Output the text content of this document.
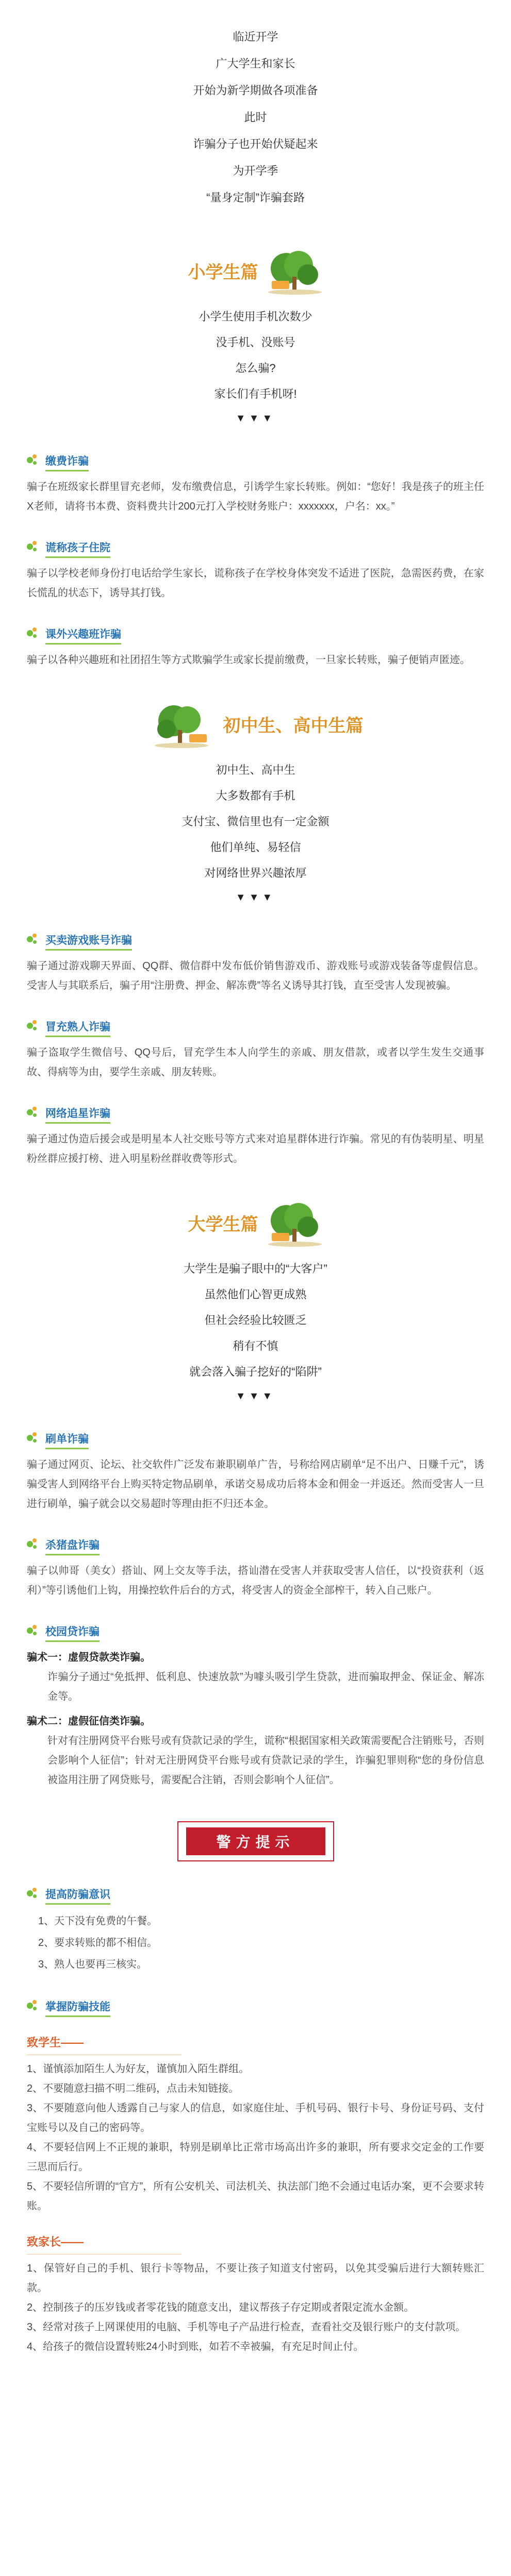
临近开学
广大学生和家长
开始为新学期做各项准备
此时
诈骗分子也开始伏疑起来
为开学季
“量身定制”诈骗套路
小学生篇
小学生使用手机次数少
没手机、没账号
怎么骗?
家长们有手机呀!
▼▼▼
缴费诈骗
骗子在班级家长群里冒充老师，发布缴费信息，引诱学生家长转账。例如：“您好！我是孩子的班主任X老师，请将书本费、资料费共计200元打入学校财务账户：xxxxxxx，户名：xx。”
谎称孩子住院
骗子以学校老师身份打电话给学生家长，谎称孩子在学校身体突发不适进了医院，急需医药费，在家长慌乱的状态下，诱导其打钱。
课外兴趣班诈骗
骗子以各种兴趣班和社团招生等方式欺骗学生或家长提前缴费，一旦家长转账，骗子便销声匿迹。
初中生、高中生篇
初中生、高中生
大多数都有手机
支付宝、微信里也有一定金额
他们单纯、易轻信
对网络世界兴趣浓厚
▼▼▼
买卖游戏账号诈骗
骗子通过游戏聊天界面、QQ群、微信群中发布低价销售游戏币、游戏账号或游戏装备等虚假信息。受害人与其联系后，骗子用“注册费、押金、解冻费”等名义诱导其打钱，直至受害人发现被骗。
冒充熟人诈骗
骗子盗取学生微信号、QQ号后，冒充学生本人向学生的亲戚、朋友借款，或者以学生发生交通事故、得病等为由，要学生亲戚、朋友转账。
网络追星诈骗
骗子通过伪造后援会或是明星本人社交账号等方式来对追星群体进行诈骗。常见的有伪装明星、明星粉丝群应援打榜、进入明星粉丝群收费等形式。
大学生篇
大学生是骗子眼中的“大客户”
虽然他们心智更成熟
但社会经验比较匮乏
稍有不慎
就会落入骗子挖好的“陷阱”
▼▼▼
刷单诈骗
骗子通过网页、论坛、社交软件广泛发布兼职刷单广告，号称给网店刷单“足不出户、日赚千元”，诱骗受害人到网络平台上购买特定物品刷单，承诺交易成功后将本金和佣金一并返还。然而受害人一旦进行刷单，骗子就会以交易超时等理由拒不归还本金。
杀猪盘诈骗
骗子以帅哥（美女）搭讪、网上交友等手法，搭讪潜在受害人并获取受害人信任，以“投资获利（返利）”等引诱他们上钩，用操控软件后台的方式，将受害人的资金全部榨干，转入自己账户。
校园贷诈骗
骗术一：虚假贷款类诈骗。
诈骗分子通过“免抵押、低利息、快速放款”为噱头吸引学生贷款，进而骗取押金、保证金、解冻金等。
骗术二：虚假征信类诈骗。
针对有注册网贷平台账号或有贷款记录的学生，谎称“根据国家相关政策需要配合注销账号，否则会影响个人征信”；针对无注册网贷平台账号或有贷款记录的学生，诈骗犯罪则称“您的身份信息被盗用注册了网贷账号，需要配合注销，否则会影响个人征信”。
警方提示
提高防骗意识
1、天下没有免费的午餐。
2、要求转账的都不相信。
3、熟人也要再三核实。
掌握防骗技能
致学生——
1、谨慎添加陌生人为好友，谨慎加入陌生群组。
2、不要随意扫描不明二维码，点击未知链接。
3、不要随意向他人透露自己与家人的信息，如家庭住址、手机号码、银行卡号、身份证号码、支付宝账号以及自己的密码等。
4、不要轻信网上不正规的兼职，特别是刷单比正常市场高出许多的兼职，所有要求交定金的工作要三思而后行。
5、不要轻信所谓的“官方”，所有公安机关、司法机关、执法部门绝不会通过电话办案，更不会要求转账。
致家长——
1、保管好自己的手机、银行卡等物品，不要让孩子知道支付密码，以免其受骗后进行大额转账汇款。
2、控制孩子的压岁钱或者零花钱的随意支出，建议帮孩子存定期或者限定流水金额。
3、经常对孩子上网课使用的电脑、手机等电子产品进行检查，查看社交及银行账户的支付款项。
4、给孩子的微信设置转账24小时到账，如若不幸被骗，有充足时间止付。
